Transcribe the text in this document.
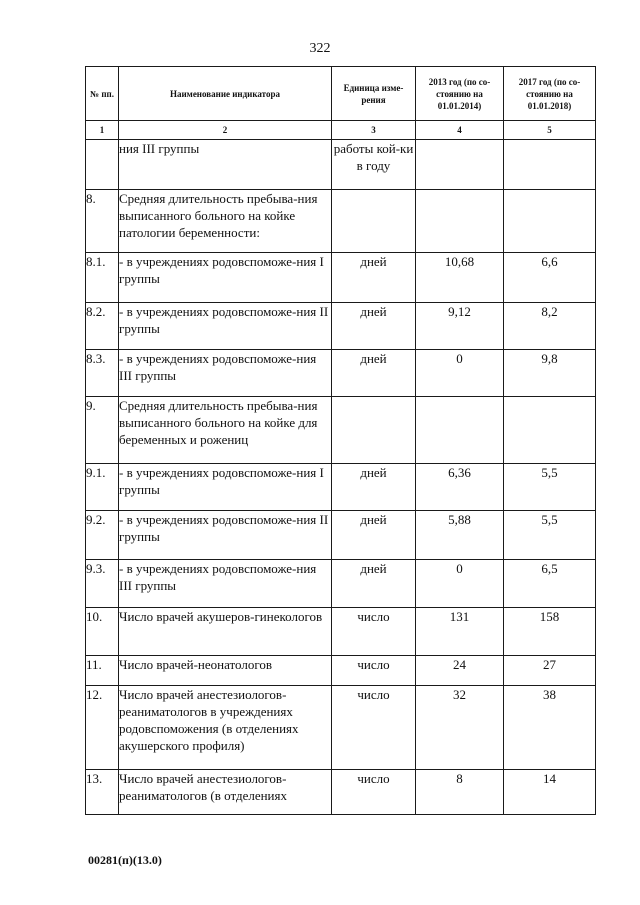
322
№ пп.	Наименование индикатора	Единица изме-рения	2013 год (по со-стоянию на 01.01.2014)	2017 год (по со-стоянию на 01.01.2018)

1	2	3	4	5
	ния III группы	работы кой-ки в году		
8.	Средняя длительность пребыва-ния выписанного больного на койке патологии беременности:			
8.1.	- в учреждениях родовспоможе-ния I группы	дней	10,68	6,6
8.2.	- в учреждениях родовспоможе-ния II группы	дней	9,12	8,2
8.3.	- в учреждениях родовспоможе-ния III группы	дней	0	9,8
9.	Средняя длительность пребыва-ния выписанного больного на койке для беременных и рожениц			
9.1.	- в учреждениях родовспоможе-ния I группы	дней	6,36	5,5
9.2.	- в учреждениях родовспоможе-ния II группы	дней	5,88	5,5
9.3.	- в учреждениях родовспоможе-ния III группы	дней	0	6,5
10.	Число врачей акушеров-гинекологов	число	131	158
11.	Число врачей-неонатологов	число	24	27
12.	Число врачей анестезиологов-реаниматологов в учреждениях родовспоможения (в отделениях акушерского профиля)	число	32	38
13.	Число врачей анестезиологов-реаниматологов (в отделениях	число	8	14
00281(п)(13.0)
